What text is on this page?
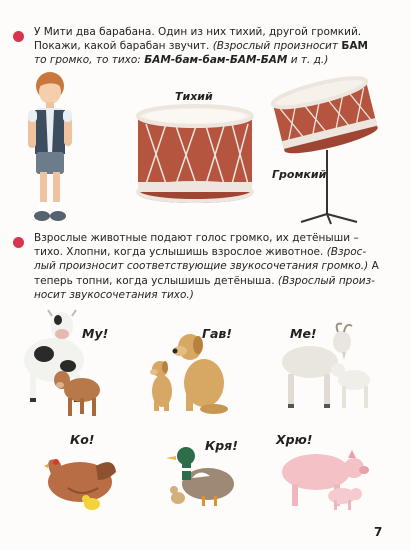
У Мити два барабана. Один из них тихий, другой громкий.

Покажи, какой барабан звучит. (Взрослый произносит БАМ

то громко, то тихо: БАМ-бам-бам-БАМ-БАМ и т. д.)

Тихий
Громкий

Взрослые животные подают голос громко, их детёныши –

тихо. Хлопни, когда услышишь взрослое животное. (Взрос-

лый произносит соответствующие звукосочетания громко.) А

теперь топни, когда услышишь детёныша. (Взрослый произ-

носит звукосочетания тихо.)

Му!	Гав!	Ме!
Ко!	Кря!	Хрю!
7
